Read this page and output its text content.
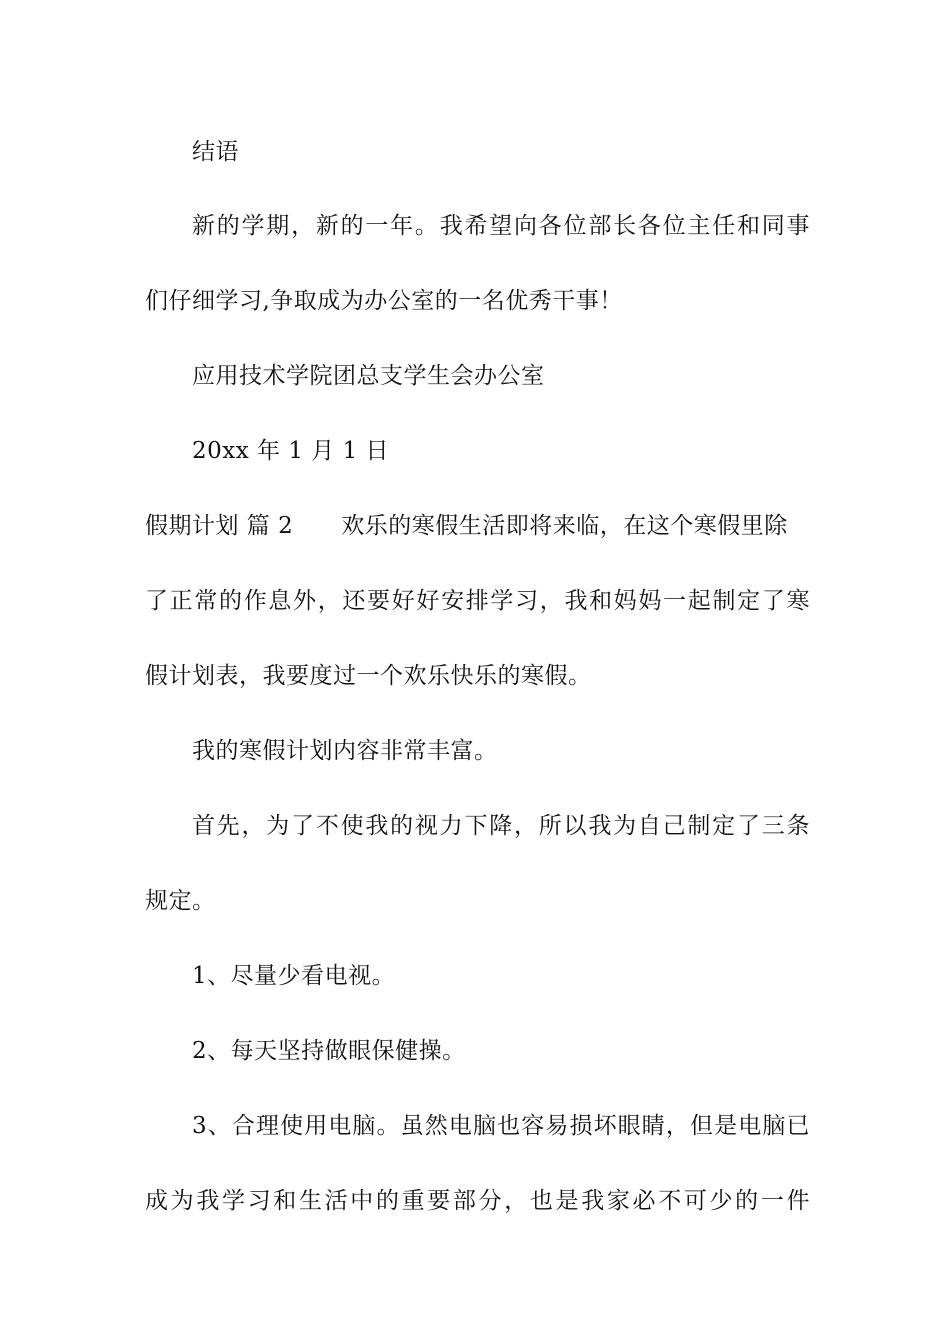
结语
新的学期，新的一年。我希望向各位部长各位主任和同事
们仔细学习,争取成为办公室的一名优秀干事！
应用技术学院团总支学生会办公室
20xx 年 1 月 1 日
假期计划 篇 2 欢乐的寒假生活即将来临，在这个寒假里除
了正常的作息外，还要好好安排学习，我和妈妈一起制定了寒
假计划表，我要度过一个欢乐快乐的寒假。
我的寒假计划内容非常丰富。
首先，为了不使我的视力下降，所以我为自己制定了三条
规定。
1、尽量少看电视。
2、每天坚持做眼保健操。
3、合理使用电脑。虽然电脑也容易损坏眼睛，但是电脑已
成为我学习和生活中的重要部分，也是我家必不可少的一件
